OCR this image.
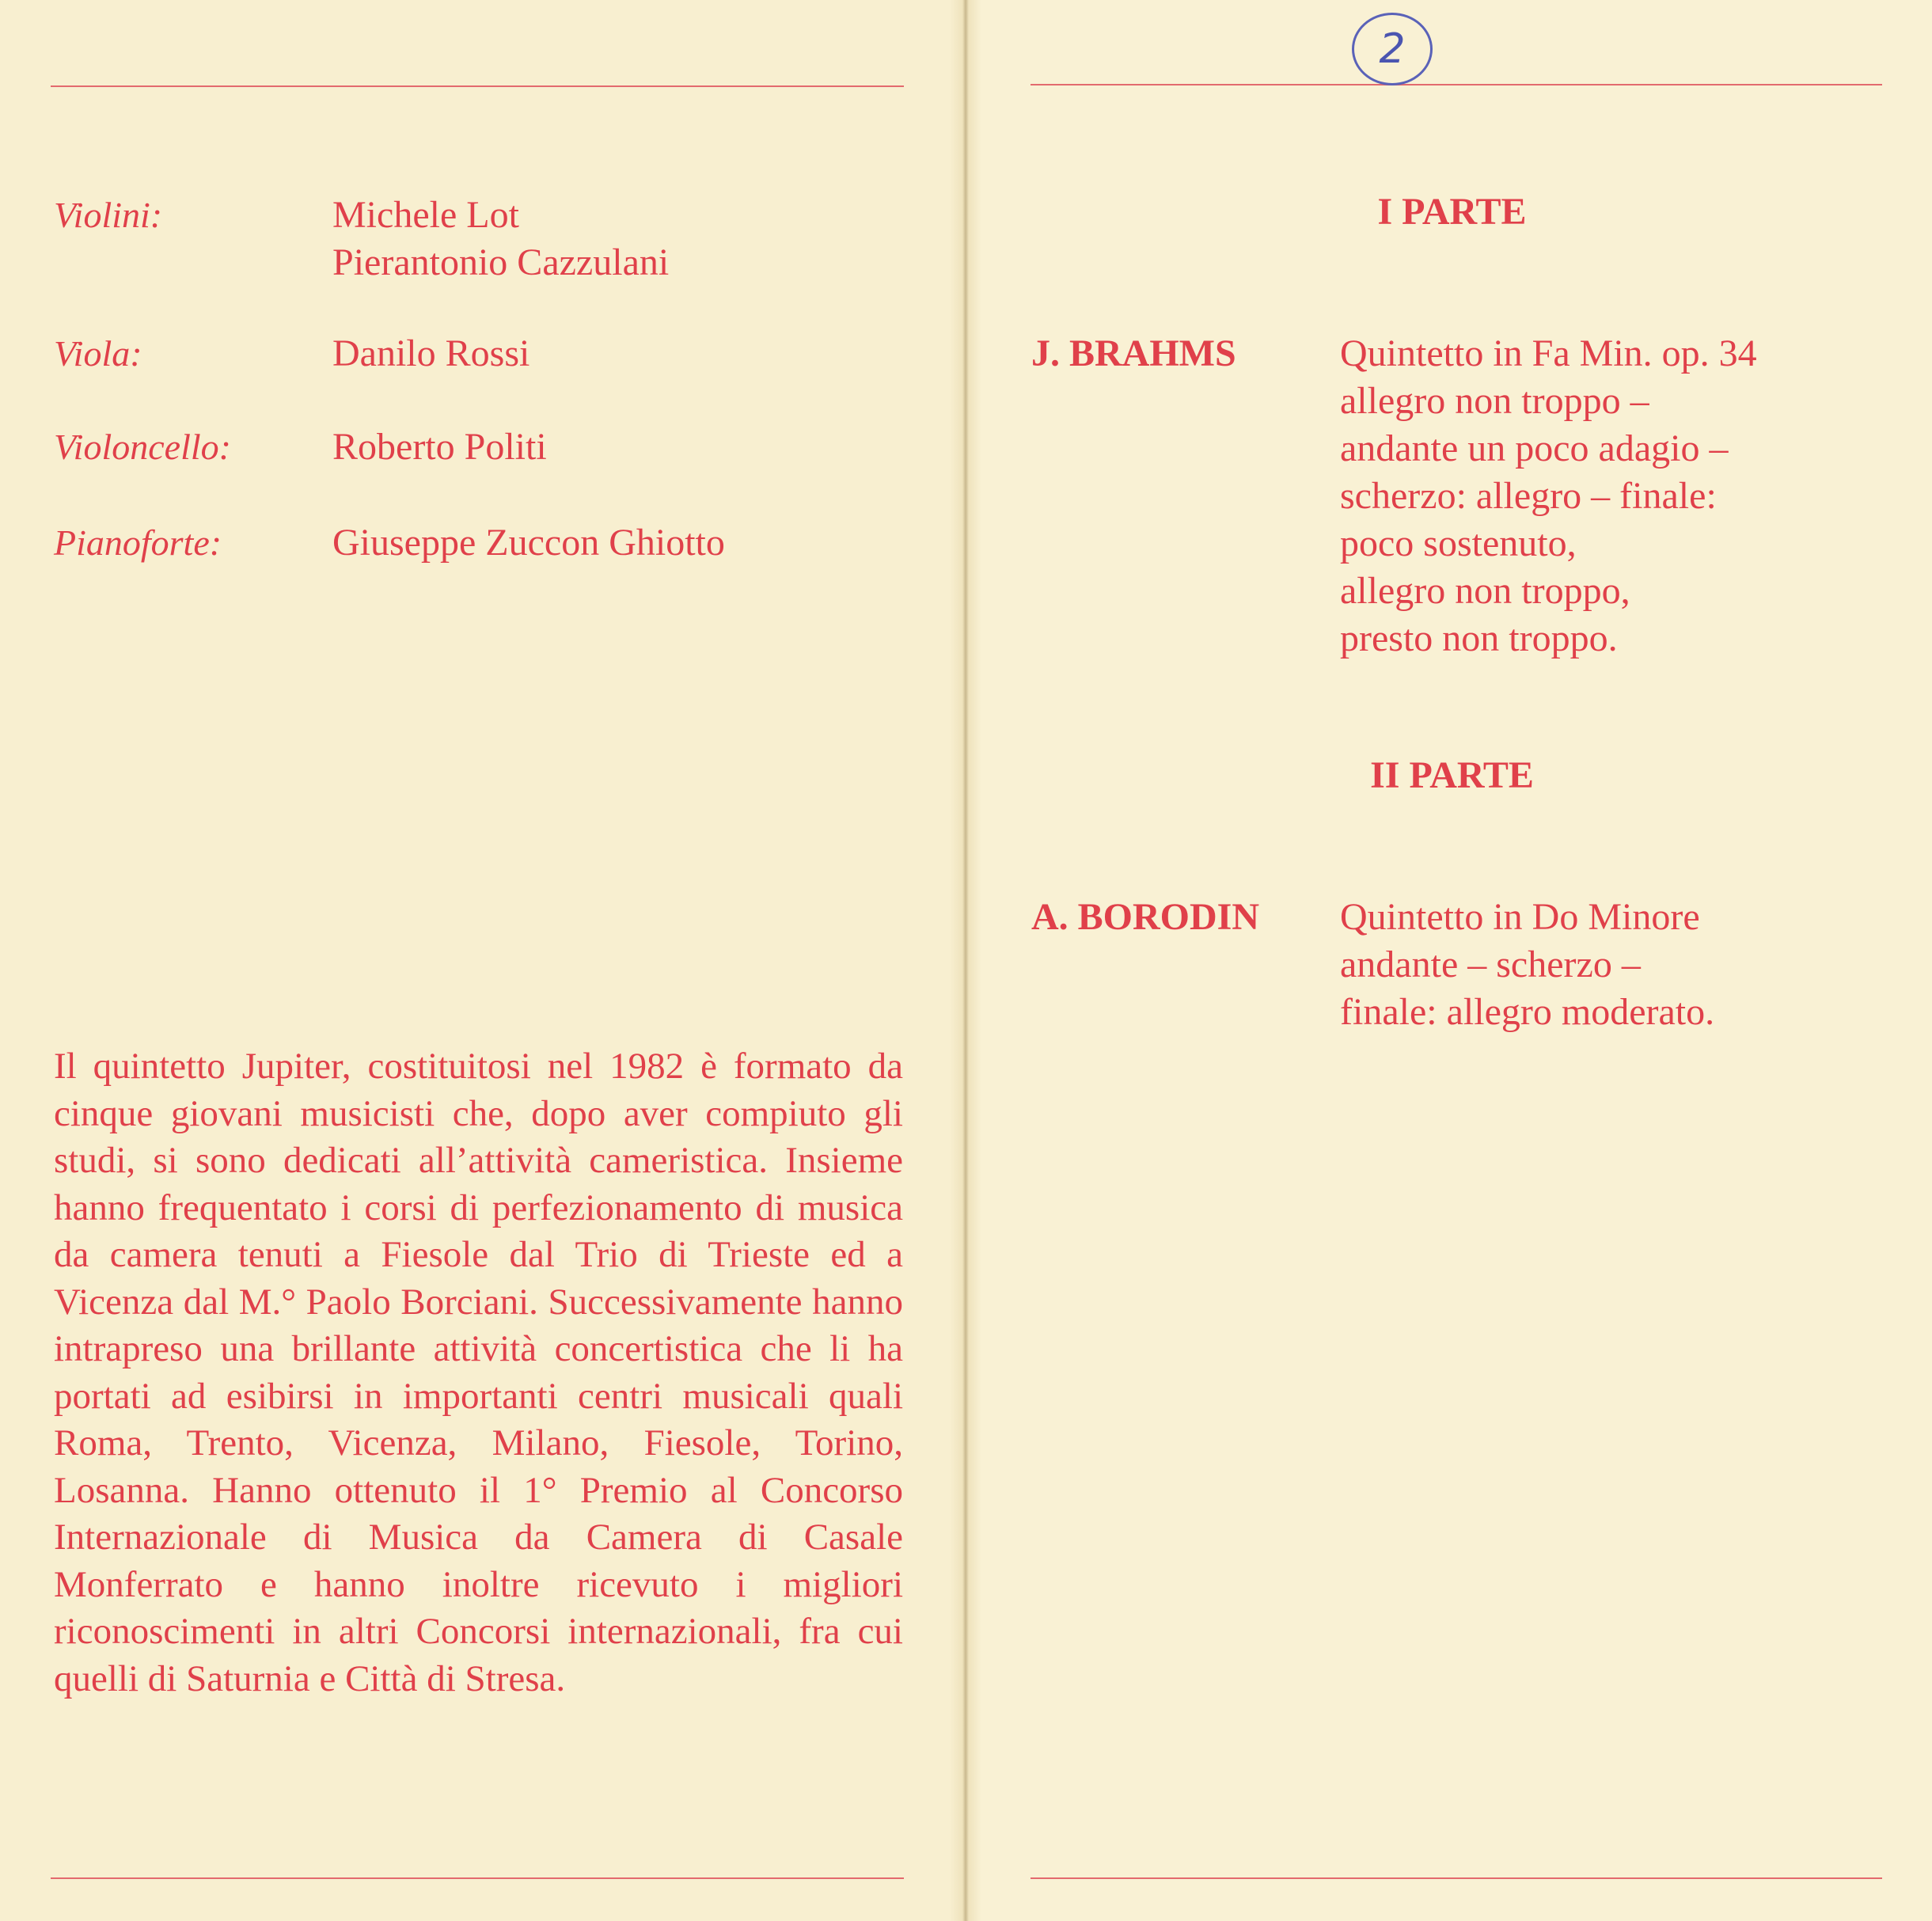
2
Violini:	Michele Lot
Pierantonio Cazzulani
Viola:	Danilo Rossi
Violoncello:	Roberto Politi
Pianoforte:	Giuseppe Zuccon Ghiotto
Il quintetto Jupiter, costituitosi nel 1982 è formato da cinque giovani musicisti che, dopo aver compiuto gli studi, si sono dedicati all’attività cameristica. Insieme hanno frequentato i corsi di perfezionamento di musica da camera tenuti a Fiesole dal Trio di Trieste ed a Vicenza dal M.° Paolo Borciani. Successivamente hanno intrapreso una brillante attività concertistica che li ha portati ad esibirsi in importanti centri musicali quali Roma, Trento, Vicenza, Milano, Fiesole, Torino, Losanna. Hanno ottenuto il 1° Premio al Concorso Internazionale di Musica da Camera di Casale Monferrato e hanno inoltre ricevuto i migliori riconoscimenti in altri Concorsi internazionali, fra cui quelli di Saturnia e Città di Stresa.
I PARTE
J. BRAHMS	Quintetto in Fa Min. op. 34
allegro non troppo –
andante un poco adagio –
scherzo: allegro – finale:
poco sostenuto,
allegro non troppo,
presto non troppo.
II PARTE
A. BORODIN Quintetto in Do Minore
andante – scherzo –
finale: allegro moderato.
